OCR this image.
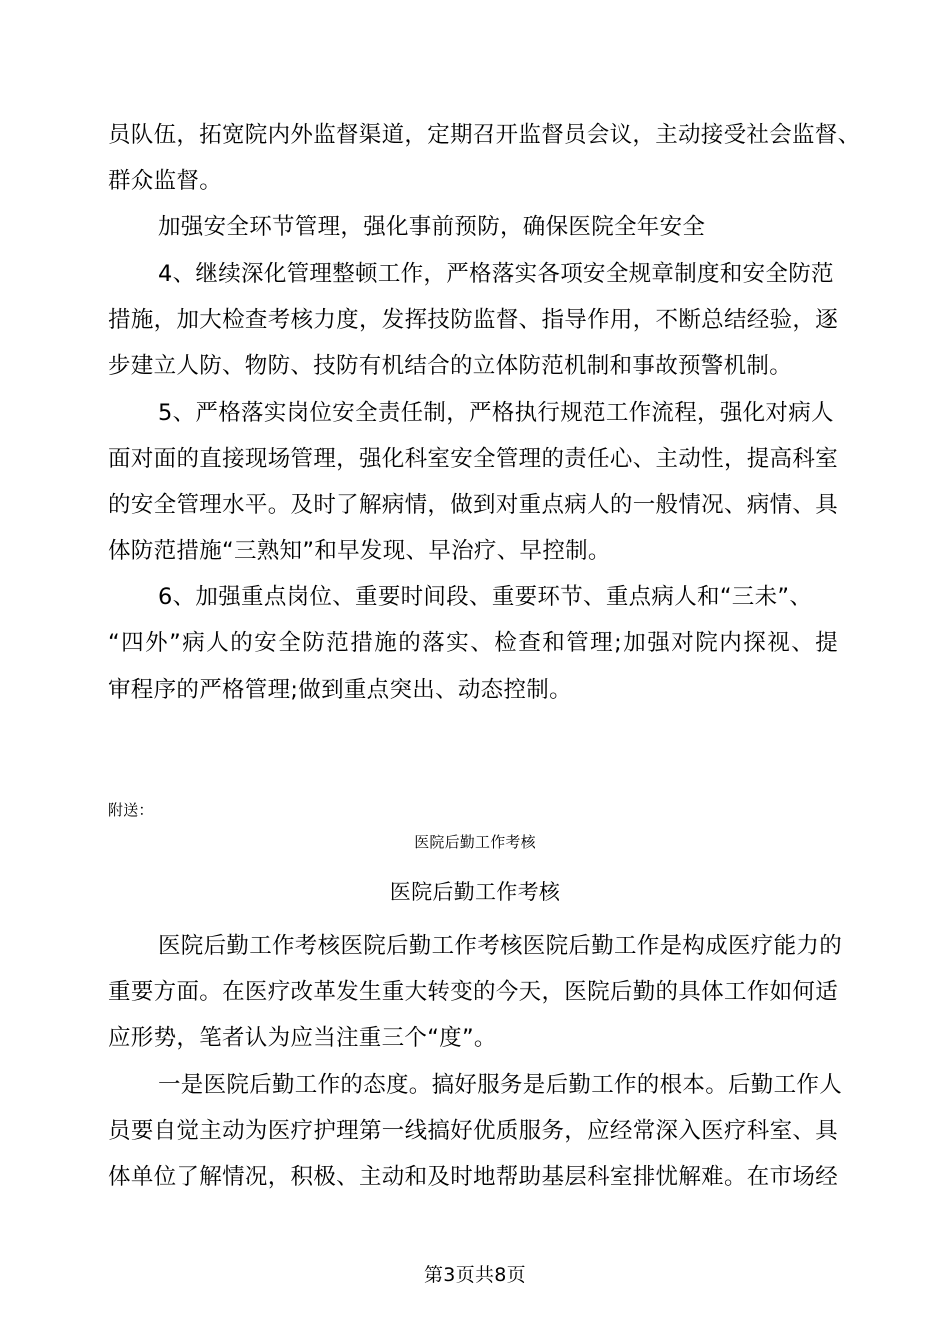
员队伍，拓宽院内外监督渠道，定期召开监督员会议，主动接受社会监督、
群众监督。
加强安全环节管理，强化事前预防，确保医院全年安全
4、继续深化管理整顿工作，严格落实各项安全规章制度和安全防范
措施，加大检查考核力度，发挥技防监督、指导作用，不断总结经验，逐
步建立人防、物防、技防有机结合的立体防范机制和事故预警机制。
5、严格落实岗位安全责任制，严格执行规范工作流程，强化对病人
面对面的直接现场管理，强化科室安全管理的责任心、主动性，提高科室
的安全管理水平。及时了解病情，做到对重点病人的一般情况、病情、具
体防范措施“三熟知”和早发现、早治疗、早控制。
6、加强重点岗位、重要时间段、重要环节、重点病人和“三未”、
“四外”病人的安全防范措施的落实、检查和管理;加强对院内探视、提
审程序的严格管理;做到重点突出、动态控制。
附送：
医院后勤工作考核
医院后勤工作考核
医院后勤工作考核医院后勤工作考核医院后勤工作是构成医疗能力的
重要方面。在医疗改革发生重大转变的今天，医院后勤的具体工作如何适
应形势，笔者认为应当注重三个“度”。
一是医院后勤工作的态度。搞好服务是后勤工作的根本。后勤工作人
员要自觉主动为医疗护理第一线搞好优质服务，应经常深入医疗科室、具
体单位了解情况，积极、主动和及时地帮助基层科室排忧解难。在市场经
第3页共8页
